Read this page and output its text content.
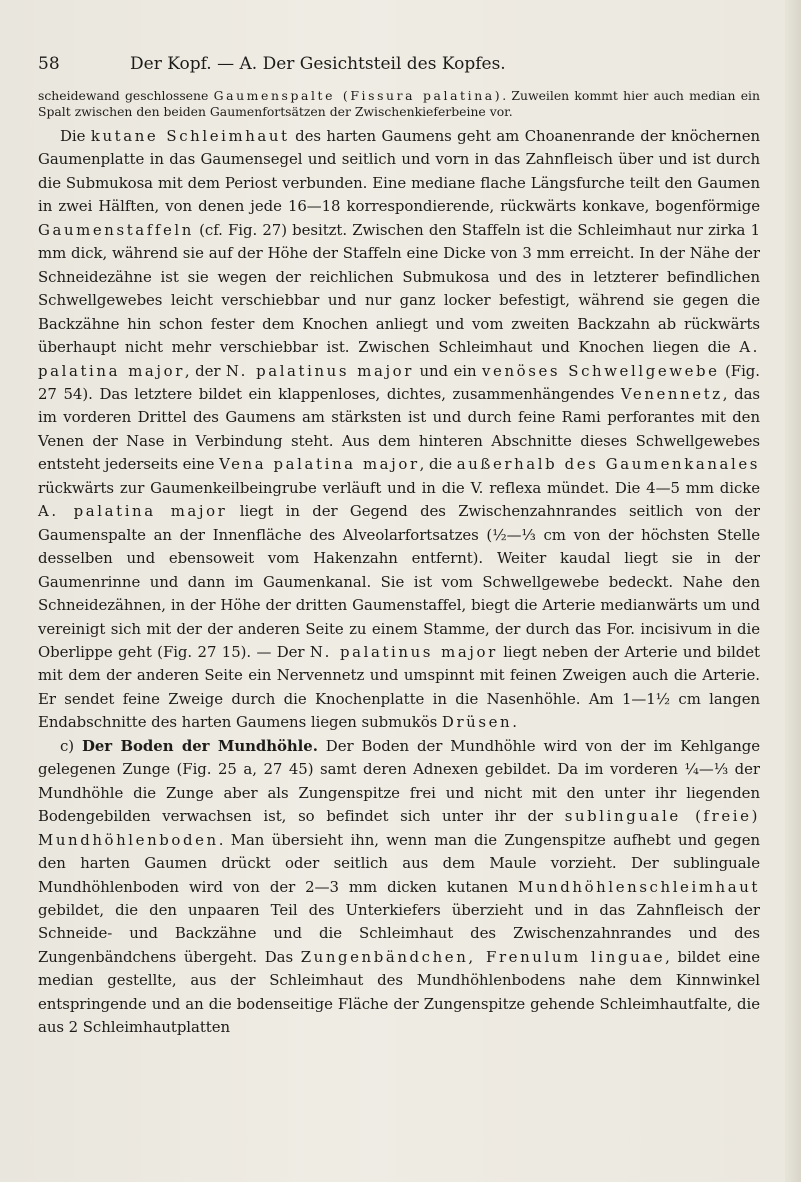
58	Der Kopf. — A. Der Gesichtsteil des Kopfes.

scheidewand geschlossene Gaumenspalte (Fissura palatina). Zuweilen kommt hier auch median ein Spalt zwischen den beiden Gaumenfortsätzen der Zwischenkieferbeine vor.

Die kutane Schleimhaut des harten Gaumens geht am Choanenrande der knöchernen Gaumenplatte in das Gaumensegel und seitlich und vorn in das Zahnfleisch über und ist durch die Submukosa mit dem Periost verbunden. Eine mediane flache Längsfurche teilt den Gaumen in zwei Hälften, von denen jede 16—18 korrespondierende, rückwärts konkave, bogenförmige Gaumenstaffeln (cf. Fig. 27) besitzt. Zwischen den Staffeln ist die Schleimhaut nur zirka 1 mm dick, während sie auf der Höhe der Staffeln eine Dicke von 3 mm erreicht. In der Nähe der Schneidezähne ist sie wegen der reichlichen Submukosa und des in letzterer befindlichen Schwellgewebes leicht verschiebbar und nur ganz locker befestigt, während sie gegen die Backzähne hin schon fester dem Knochen anliegt und vom zweiten Backzahn ab rückwärts überhaupt nicht mehr verschiebbar ist. Zwischen Schleimhaut und Knochen liegen die A. palatina major, der N. palatinus major und ein venöses Schwellgewebe (Fig. 27 54). Das letztere bildet ein klappenloses, dichtes, zusammenhängendes Venennetz, das im vorderen Drittel des Gaumens am stärksten ist und durch feine Rami perforantes mit den Venen der Nase in Verbindung steht. Aus dem hinteren Abschnitte dieses Schwellgewebes entsteht jederseits eine Vena palatina major, die außerhalb des Gaumenkanales rückwärts zur Gaumenkeilbeingrube verläuft und in die V. reflexa mündet. Die 4—5 mm dicke A. palatina major liegt in der Gegend des Zwischenzahnrandes seitlich von der Gaumenspalte an der Innenfläche des Alveolarfortsatzes (½—⅓ cm von der höchsten Stelle desselben und ebensoweit vom Hakenzahn entfernt). Weiter kaudal liegt sie in der Gaumenrinne und dann im Gaumenkanal. Sie ist vom Schwellgewebe bedeckt. Nahe den Schneidezähnen, in der Höhe der dritten Gaumenstaffel, biegt die Arterie medianwärts um und vereinigt sich mit der der anderen Seite zu einem Stamme, der durch das For. incisivum in die Oberlippe geht (Fig. 27 15). — Der N. palatinus major liegt neben der Arterie und bildet mit dem der anderen Seite ein Nervennetz und umspinnt mit feinen Zweigen auch die Arterie. Er sendet feine Zweige durch die Knochenplatte in die Nasenhöhle. Am 1—1½ cm langen Endabschnitte des harten Gaumens liegen submukös Drüsen.

c) Der Boden der Mundhöhle. Der Boden der Mundhöhle wird von der im Kehlgange gelegenen Zunge (Fig. 25 a, 27 45) samt deren Adnexen gebildet. Da im vorderen ¼—⅓ der Mundhöhle die Zunge aber als Zungenspitze frei und nicht mit den unter ihr liegenden Bodengebilden verwachsen ist, so befindet sich unter ihr der sublinguale (freie) Mundhöhlenboden. Man übersieht ihn, wenn man die Zungenspitze aufhebt und gegen den harten Gaumen drückt oder seitlich aus dem Maule vorzieht. Der sublinguale Mundhöhlenboden wird von der 2—3 mm dicken kutanen Mundhöhlenschleimhaut gebildet, die den unpaaren Teil des Unterkiefers überzieht und in das Zahnfleisch der Schneide- und Backzähne und die Schleimhaut des Zwischenzahnrandes und des Zungenbändchens übergeht. Das Zungenbändchen, Frenulum linguae, bildet eine median gestellte, aus der Schleimhaut des Mundhöhlenbodens nahe dem Kinnwinkel entspringende und an die bodenseitige Fläche der Zungenspitze gehende Schleimhautfalte, die aus 2 Schleimhautplatten
